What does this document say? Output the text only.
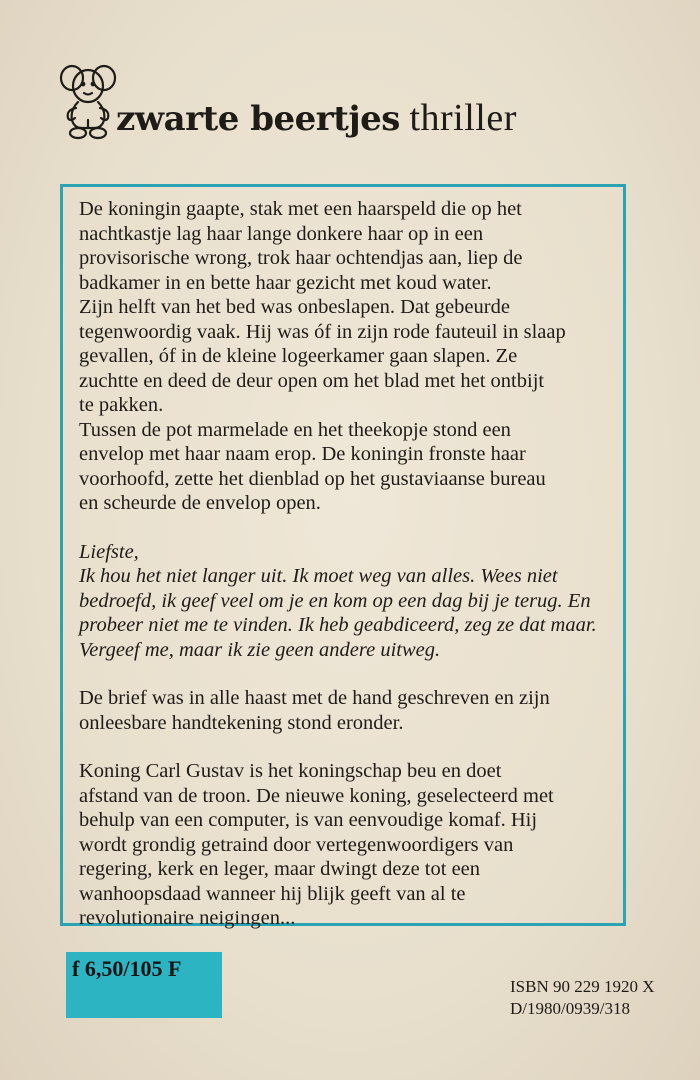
zwarte beertjes thriller

De koningin gaapte, stak met een haarspeld die op het
nachtkastje lag haar lange donkere haar op in een
provisorische wrong, trok haar ochtendjas aan, liep de
badkamer in en bette haar gezicht met koud water.

Zijn helft van het bed was onbeslapen. Dat gebeurde
tegenwoordig vaak. Hij was óf in zijn rode fauteuil in slaap
gevallen, óf in de kleine logeerkamer gaan slapen. Ze
zuchtte en deed de deur open om het blad met het ontbijt
te pakken.

Tussen de pot marmelade en het theekopje stond een
envelop met haar naam erop. De koningin fronste haar
voorhoofd, zette het dienblad op het gustaviaanse bureau
en scheurde de envelop open.

Liefste,
Ik hou het niet langer uit. Ik moet weg van alles. Wees niet
bedroefd, ik geef veel om je en kom op een dag bij je terug. En
probeer niet me te vinden. Ik heb geabdiceerd, zeg ze dat maar.
Vergeef me, maar ik zie geen andere uitweg.

De brief was in alle haast met de hand geschreven en zijn
onleesbare handtekening stond eronder.

Koning Carl Gustav is het koningschap beu en doet
afstand van de troon. De nieuwe koning, geselecteerd met
behulp van een computer, is van eenvoudige komaf. Hij
wordt grondig getraind door vertegenwoordigers van
regering, kerk en leger, maar dwingt deze tot een
wanhoopsdaad wanneer hij blijk geeft van al te
revolutionaire neigingen...

f 6,50/105 F
ISBN 90 229 1920 X
D/1980/0939/318
